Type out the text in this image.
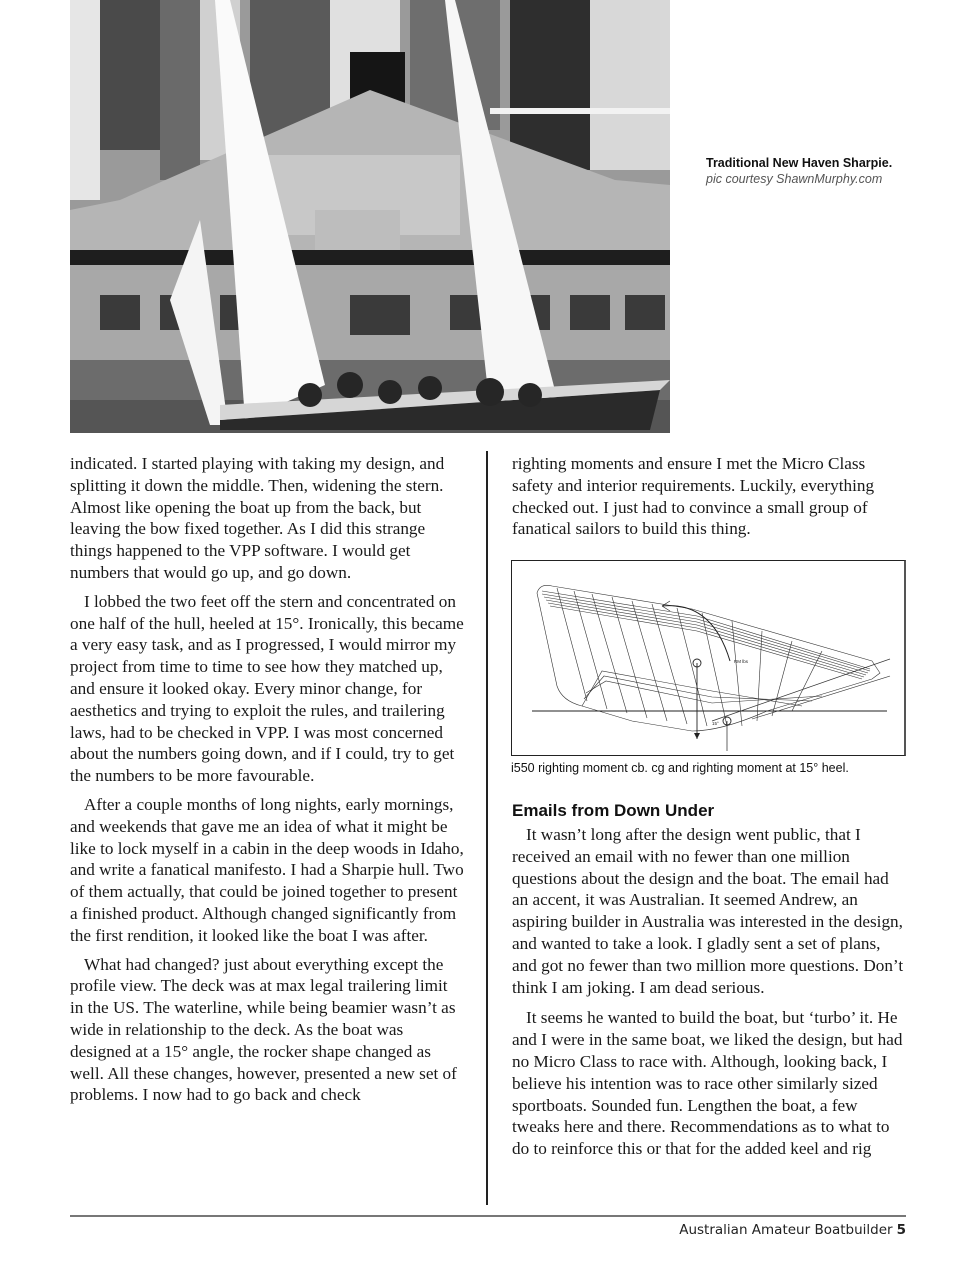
Traditional New Haven Sharpie.
pic courtesy ShawnMurphy.com

indicated. I started playing with taking my design, and splitting it down the middle. Then, widening the stern. Almost like opening the boat up from the back, but leaving the bow fixed together. As I did this strange things happened to the VPP software. I would get numbers that would go up, and go down.

I lobbed the two feet off the stern and concentrated on one half of the hull, heeled at 15°. Ironically, this became a very easy task, and as I progressed, I would mirror my project from time to time to see how they matched up, and ensure it looked okay. Every minor change, for aesthetics and trying to exploit the rules, and trailering laws, had to be checked in VPP. I was most concerned about the numbers going down, and if I could, try to get the numbers to be more favourable.

After a couple months of long nights, early mornings, and weekends that gave me an idea of what it might be like to lock myself in a cabin in the deep woods in Idaho, and write a fanatical manifesto. I had a Sharpie hull. Two of them actually, that could be joined together to present a finished product. Although changed significantly from the first rendition, it looked like the boat I was after.

What had changed? just about everything except the profile view. The deck was at max legal trailering limit in the US. The waterline, while being beamier wasn’t as wide in relationship to the deck. As the boat was designed at a 15° angle, the rocker shape changed as well. All these changes, however, presented a new set of problems. I now had to go back and check

righting moments and ensure I met the Micro Class safety and interior requirements. Luckily, everything checked out. I just had to convince a small group of fanatical sailors to build this thing.

RM lbs
15°
i550 righting moment cb. cg and righting moment at 15° heel.
Emails from Down Under

It wasn’t long after the design went public, that I received an email with no fewer than one million questions about the design and the boat. The email had an accent, it was Australian. It seemed Andrew, an aspiring builder in Australia was interested in the design, and wanted to take a look. I gladly sent a set of plans, and got no fewer than two million more questions. Don’t think I am joking. I am dead serious.

It seems he wanted to build the boat, but ‘turbo’ it. He and I were in the same boat, we liked the design, but had no Micro Class to race with. Although, looking back, I believe his intention was to race other similarly sized sportboats. Sounded fun. Lengthen the boat, a few tweaks here and there. Recommendations as to what to do to reinforce this or that for the added keel and rig

Australian Amateur Boatbuilder 5
